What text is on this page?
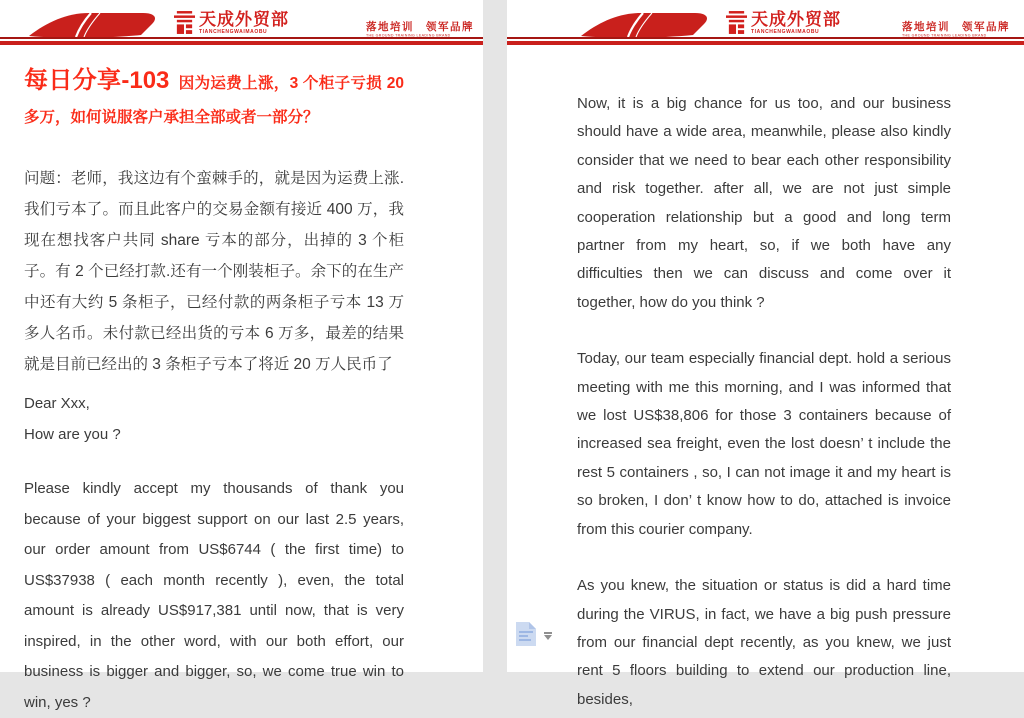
天成外贸部
TIANCHENGWAIMAOBU	落地培训　领军品牌
THE GROUND TRAINING LEADING BRAND

每日分享-103 因为运费上涨，3 个柜子亏损 20 多万，如何说服客户承担全部或者一部分？

问题：老师，我这边有个蛮棘手的，就是因为运费上涨.我们亏本了。而且此客户的交易金额有接近 400 万，我现在想找客户共同 share 亏本的部分，出掉的 3 个柜子。有 2 个已经打款.还有一个刚装柜子。余下的在生产中还有大约 5 条柜子，已经付款的两条柜子亏本 13 万多人名币。未付款已经出货的亏本 6 万多，最差的结果就是目前已经出的 3 条柜子亏本了将近 20 万人民币了

Dear Xxx,

How are you ?

Please kindly accept my thousands of thank you because of your biggest support on our last 2.5 years, our order amount from US$6744 ( the first time) to US$37938 ( each month recently ), even, the total amount is already US$917,381 until now, that is very inspired, in the other word, with our both effort, our business is bigger and bigger, so, we come true win to win, yes ?

天成外贸部
TIANCHENGWAIMAOBU	落地培训　领军品牌
THE GROUND TRAINING LEADING BRAND

Now, it is a big chance for us too, and our business should have a wide area, meanwhile, please also kindly consider that we need to bear each other responsibility and risk together. after all, we are not just simple cooperation relationship but a good and long term partner from my heart, so, if we both have any difficulties then we can discuss and come over it together, how do you think ?

Today, our team especially financial dept. hold a serious meeting with me this morning, and I was informed that we lost US$38,806 for those 3 containers because of increased sea freight, even the lost doesn’ t include the rest 5 containers , so, I can not image it and my heart is so broken, I don’ t know how to do, attached is invoice from this courier company.

As you knew, the situation or status is did a hard time during the VIRUS, in fact, we have a big push pressure from our financial dept recently, as you knew, we just rent 5 floors building to extend our production line, besides,
